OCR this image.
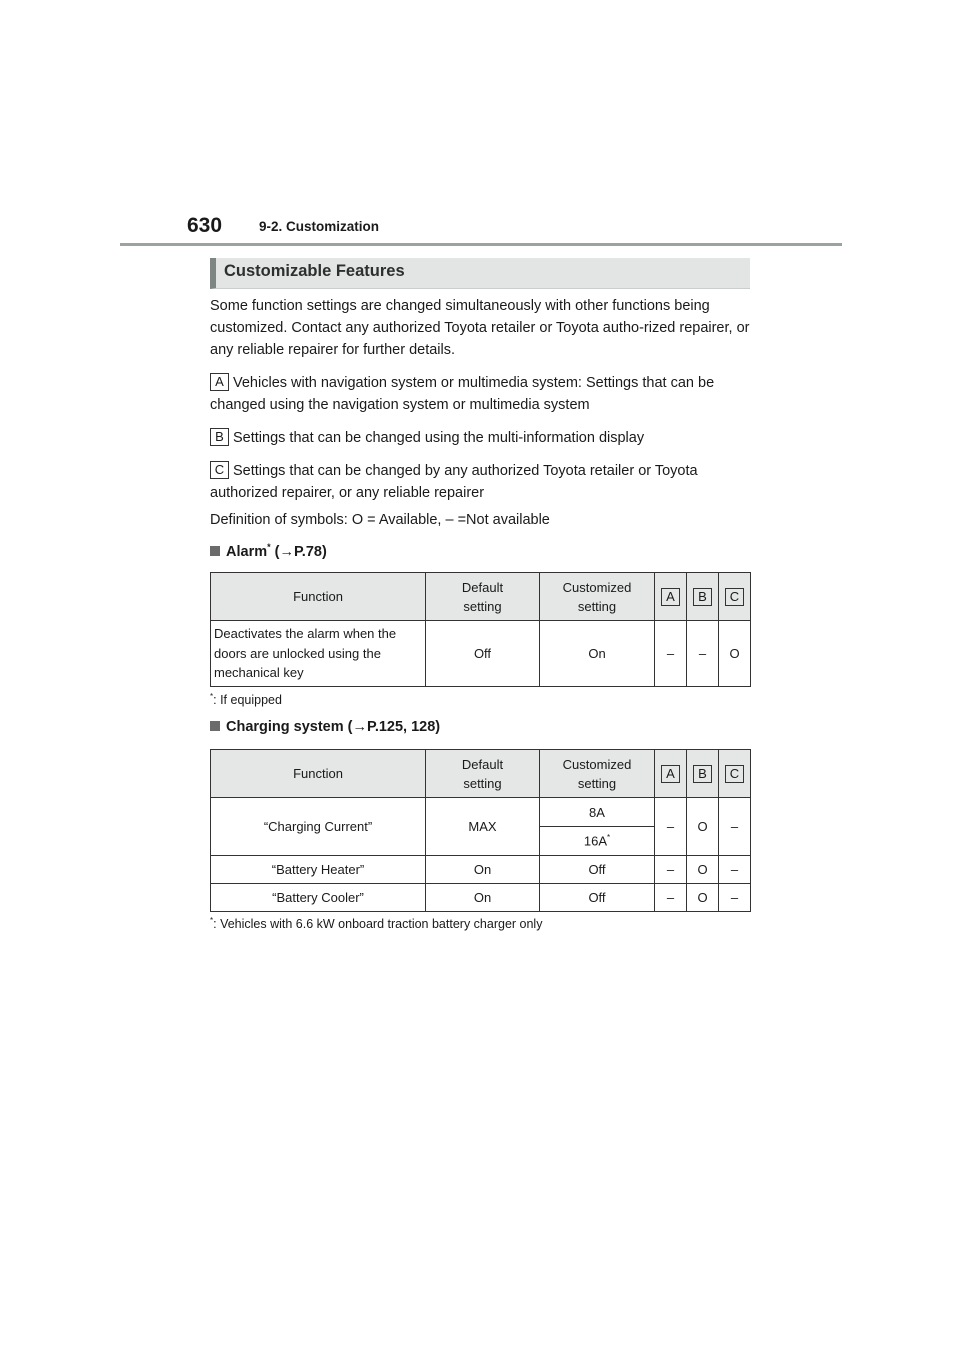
630	9-2. Customization
Customizable Features

Some function settings are changed simultaneously with other functions being customized. Contact any authorized Toyota retailer or Toyota autho-rized repairer, or any reliable repairer for further details.

A Vehicles with navigation system or multimedia system: Settings that can be changed using the navigation system or multimedia system

B Settings that can be changed using the multi-information display

C Settings that can be changed by any authorized Toyota retailer or Toyota authorized repairer, or any reliable repairer

Definition of symbols: O = Available, – =Not available

Alarm* (→P.78)
Function	Default setting	Customized setting	A	B	C
Deactivates the alarm when the doors are unlocked using the mechanical key	Off	On	–	–	O
*: If equipped
Charging system (→P.125, 128)
Function	Default setting	Customized setting	A	B	C
“Charging Current”	MAX	8A	–	O	–
		16A*
“Battery Heater”	On	Off	–	O	–
“Battery Cooler”	On	Off	–	O	–
*: Vehicles with 6.6 kW onboard traction battery charger only
